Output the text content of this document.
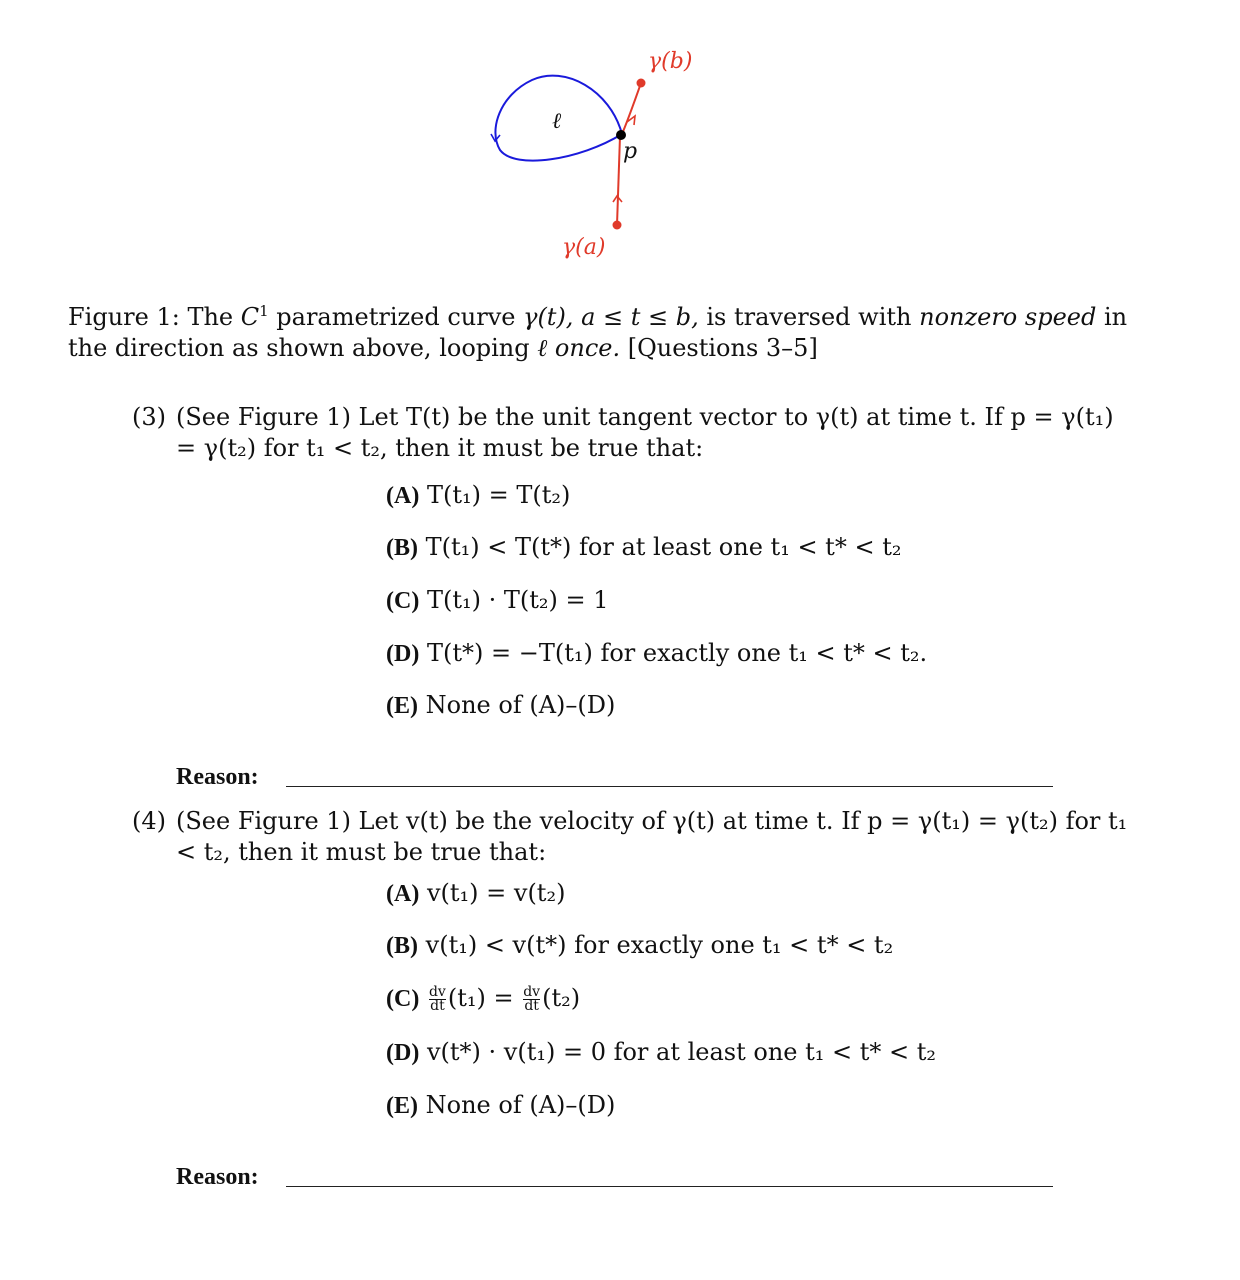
γ(b)
ℓ
p
γ(a)
Figure 1: The $C^1$ parametrized curve γ(t), a ≤ t ≤ b, is traversed with nonzero speed in the direction as shown above, looping ℓ once. [Questions 3–5]
(3) (See Figure 1) Let T(t) be the unit tangent vector to γ(t) at time t. If p = γ(t₁) = γ(t₂) for t₁ < t₂, then it must be true that:
(A) T(t₁) = T(t₂)
(B) T(t₁) < T(t*) for at least one t₁ < t* < t₂
(C) T(t₁) · T(t₂) = 1
(D) T(t*) = −T(t₁) for exactly one t₁ < t* < t₂.
(E) None of (A)–(D)
Reason:
(4) (See Figure 1) Let v(t) be the velocity of γ(t) at time t. If p = γ(t₁) = γ(t₂) for t₁ < t₂, then it must be true that:
(A) v(t₁) = v(t₂)
(B) v(t₁) < v(t*) for exactly one t₁ < t* < t₂
$(C) \frac{dv}{dt} (t_1) = \frac{dv}{dt} (t_2)$
(D) v(t*) · v(t₁) = 0 for at least one t₁ < t* < t₂
(E) None of (A)–(D)
Reason:
